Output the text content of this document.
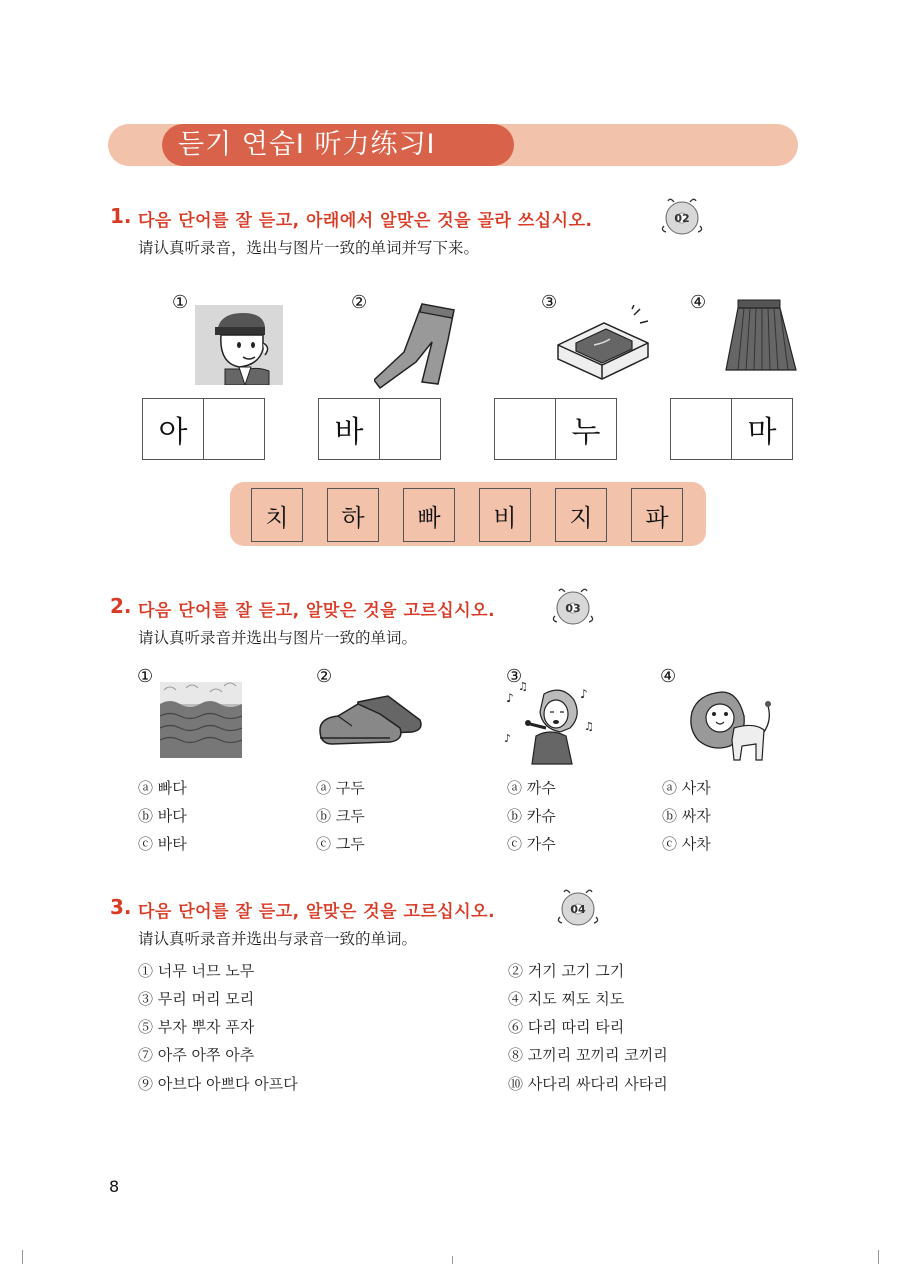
듣기 연습Ⅰ 听力练习Ⅰ
1. 다음 단어를 잘 듣고, 아래에서 알맞은 것을 골라 쓰십시오.	02
请认真听录音，选出与图片一致的单词并写下来。
①	②	③	④
아	바	누	마
치	하	빠	비	지	파
2. 다음 단어를 잘 듣고, 알맞은 것을 고르십시오.	03
请认真听录音并选出与图片一致的单词。
①	②	③	④
♪
♫
♪
♫
♪
ⓐ 빠다
ⓑ 바다
ⓒ 바타
ⓐ 구두
ⓑ 크두
ⓒ 그두
ⓐ 까수
ⓑ 카슈
ⓒ 가수
ⓐ 사자
ⓑ 싸자
ⓒ 사차
3. 다음 단어를 잘 듣고, 알맞은 것을 고르십시오.	04
请认真听录音并选出与录音一致的单词。
① 너무 너므 노무	② 거기 고기 그기
③ 무리 머리 모리	④ 지도 찌도 치도
⑤ 부자 뿌자 푸자	⑥ 다리 따리 타리
⑦ 아주 아쭈 아추	⑧ 고끼리 꼬끼리 코끼리
⑨ 아브다 아쁘다 아프다	⑩ 사다리 싸다리 사타리
8
